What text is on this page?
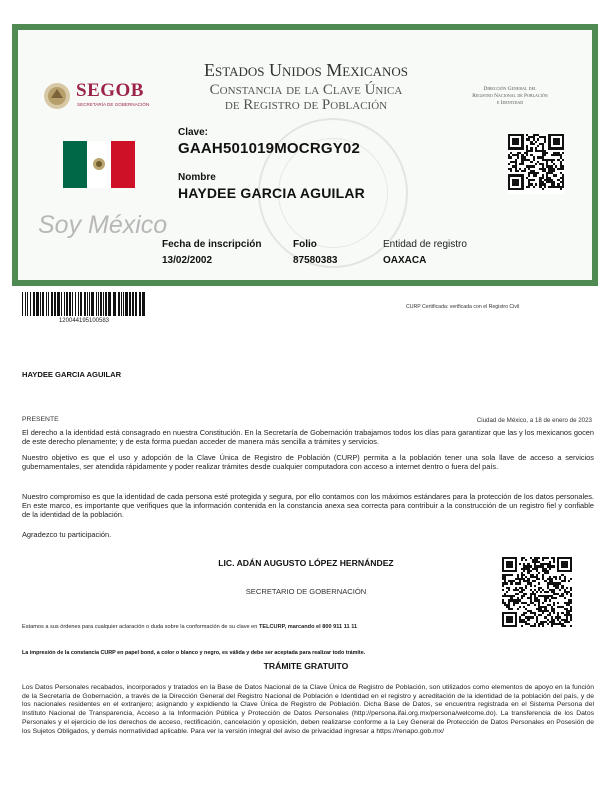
SEGOB
SECRETARÍA DE GOBERNACIÓN
Estados Unidos Mexicanos
Constancia de la Clave Única
de Registro de Población
Dirección General del
Registro Nacional de Población
e Identidad
Clave:
GAAH501019MOCRGY02
Nombre
HAYDEE GARCIA AGUILAR
Soy México
Fecha de inscripción
13/02/2002
Folio
87580383
Entidad de registro
OAXACA
120044195100583
CURP Certificada: verificada con el Registro Civil
HAYDEE GARCIA AGUILAR
PRESENTE	Ciudad de México, a 18 de enero de 2023
El derecho a la identidad está consagrado en nuestra Constitución. En la Secretaría de Gobernación trabajamos todos los días para garantizar que las y los mexicanos gocen de este derecho plenamente; y de esta forma puedan acceder de manera más sencilla a trámites y servicios.
Nuestro objetivo es que el uso y adopción de la Clave Única de Registro de Población (CURP) permita a la población tener una sola llave de acceso a servicios gubernamentales, ser atendida rápidamente y poder realizar trámites desde cualquier computadora con acceso a internet dentro o fuera del país.
Nuestro compromiso es que la identidad de cada persona esté protegida y segura, por ello contamos con los máximos estándares para la protección de los datos personales. En este marco, es importante que verifiques que la información contenida en la constancia anexa sea correcta para contribuir a la construcción de un registro fiel y confiable de la identidad de la población.
Agradezco tu participación.
LIC. ADÁN AUGUSTO LÓPEZ HERNÁNDEZ
SECRETARIO DE GOBERNACIÓN
Estamos a sus órdenes para cualquier aclaración o duda sobre la conformación de su clave en TELCURP, marcando el 800 911 11 11
La impresión de la constancia CURP en papel bond, a color o blanco y negro, es válida y debe ser aceptada para realizar todo trámite.
TRÁMITE GRATUITO
Los Datos Personales recabados, incorporados y tratados en la Base de Datos Nacional de la Clave Única de Registro de Población, son utilizados como elementos de apoyo en la función de la Secretaría de Gobernación, a través de la Dirección General del Registro Nacional de Población e Identidad en el registro y acreditación de la identidad de la población del país, y de los nacionales residentes en el extranjero; asignando y expidiendo la Clave Única de Registro de Población. Dicha Base de Datos, se encuentra registrada en el Sistema Persona del Instituto Nacional de Transparencia, Acceso a la Información Pública y Protección de Datos Personales (http://persona.ifai.org.mx/persona/welcome.do). La transferencia de los Datos Personales y el ejercicio de los derechos de acceso, rectificación, cancelación y oposición, deben realizarse conforme a la Ley General de Protección de Datos Personales en Posesión de los Sujetos Obligados, y demás normatividad aplicable. Para ver la versión integral del aviso de privacidad ingresar a https://renapo.gob.mx/
